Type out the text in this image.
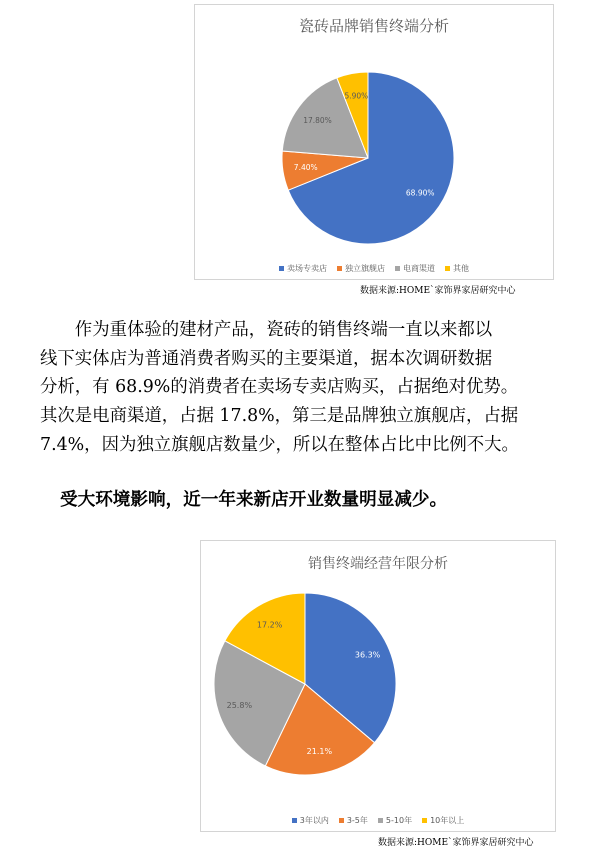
瓷砖品牌销售终端分析
68.90%
7.40%
17.80%
5.90%
卖场专卖店 独立旗舰店 电商渠道 其他
数据来源:HOME`家饰界家居研究中心
作为重体验的建材产品，瓷砖的销售终端一直以来都以
线下实体店为普通消费者购买的主要渠道，据本次调研数据
分析，有 68.9%的消费者在卖场专卖店购买，占据绝对优势。
其次是电商渠道，占据 17.8%，第三是品牌独立旗舰店，占据
7.4%，因为独立旗舰店数量少，所以在整体占比中比例不大。
受大环境影响，近一年来新店开业数量明显减少。
销售终端经营年限分析
36.3%
21.1%
25.8%
17.2%
3年以内 3-5年 5-10年 10年以上
数据来源:HOME`家饰界家居研究中心
